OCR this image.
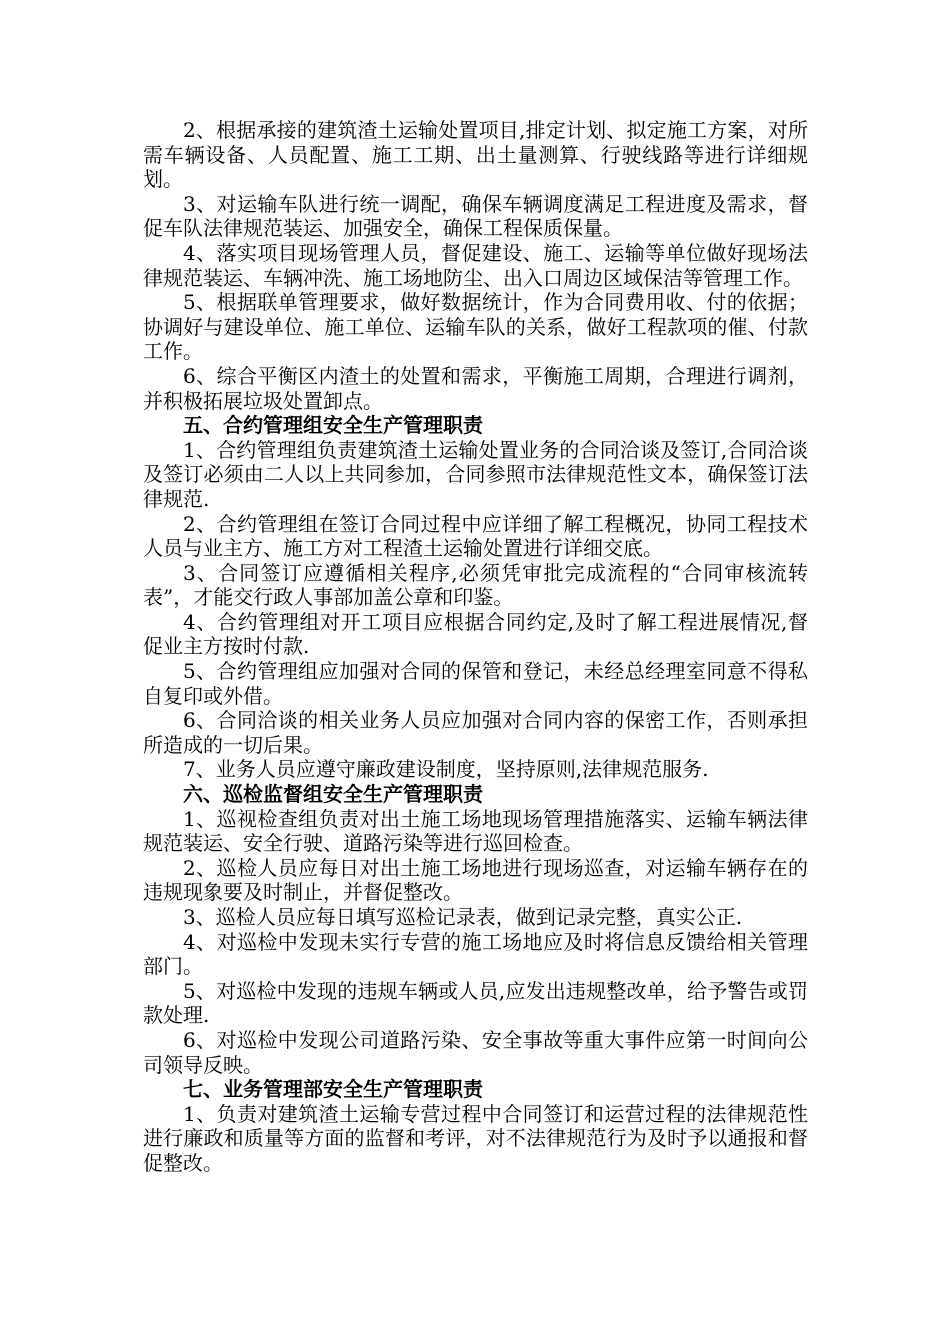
2、根据承接的建筑渣土运输处置项目,排定计划、拟定施工方案，对所需车辆设备、人员配置、施工工期、出土量测算、行驶线路等进行详细规划。

3、对运输车队进行统一调配，确保车辆调度满足工程进度及需求，督促车队法律规范装运、加强安全，确保工程保质保量。

4、落实项目现场管理人员，督促建设、施工、运输等单位做好现场法律规范装运、车辆冲洗、施工场地防尘、出入口周边区域保洁等管理工作。

5、根据联单管理要求，做好数据统计，作为合同费用收、付的依据；协调好与建设单位、施工单位、运输车队的关系，做好工程款项的催、付款工作。

6、综合平衡区内渣土的处置和需求，平衡施工周期，合理进行调剂，并积极拓展垃圾处置卸点。

五、合约管理组安全生产管理职责

1、合约管理组负责建筑渣土运输处置业务的合同洽谈及签订,合同洽谈及签订必须由二人以上共同参加，合同参照市法律规范性文本，确保签订法律规范.

2、合约管理组在签订合同过程中应详细了解工程概况，协同工程技术人员与业主方、施工方对工程渣土运输处置进行详细交底。

3、合同签订应遵循相关程序,必须凭审批完成流程的“合同审核流转表”，才能交行政人事部加盖公章和印鉴。

4、合约管理组对开工项目应根据合同约定,及时了解工程进展情况,督促业主方按时付款.

5、合约管理组应加强对合同的保管和登记，未经总经理室同意不得私自复印或外借。

6、合同洽谈的相关业务人员应加强对合同内容的保密工作，否则承担所造成的一切后果。

7、业务人员应遵守廉政建设制度，坚持原则,法律规范服务.

六、巡检监督组安全生产管理职责

1、巡视检查组负责对出土施工场地现场管理措施落实、运输车辆法律规范装运、安全行驶、道路污染等进行巡回检查。

2、巡检人员应每日对出土施工场地进行现场巡查，对运输车辆存在的违规现象要及时制止，并督促整改。

3、巡检人员应每日填写巡检记录表，做到记录完整，真实公正.

4、对巡检中发现未实行专营的施工场地应及时将信息反馈给相关管理部门。

5、对巡检中发现的违规车辆或人员,应发出违规整改单，给予警告或罚款处理.

6、对巡检中发现公司道路污染、安全事故等重大事件应第一时间向公司领导反映。

七、业务管理部安全生产管理职责

1、负责对建筑渣土运输专营过程中合同签订和运营过程的法律规范性进行廉政和质量等方面的监督和考评，对不法律规范行为及时予以通报和督促整改。
